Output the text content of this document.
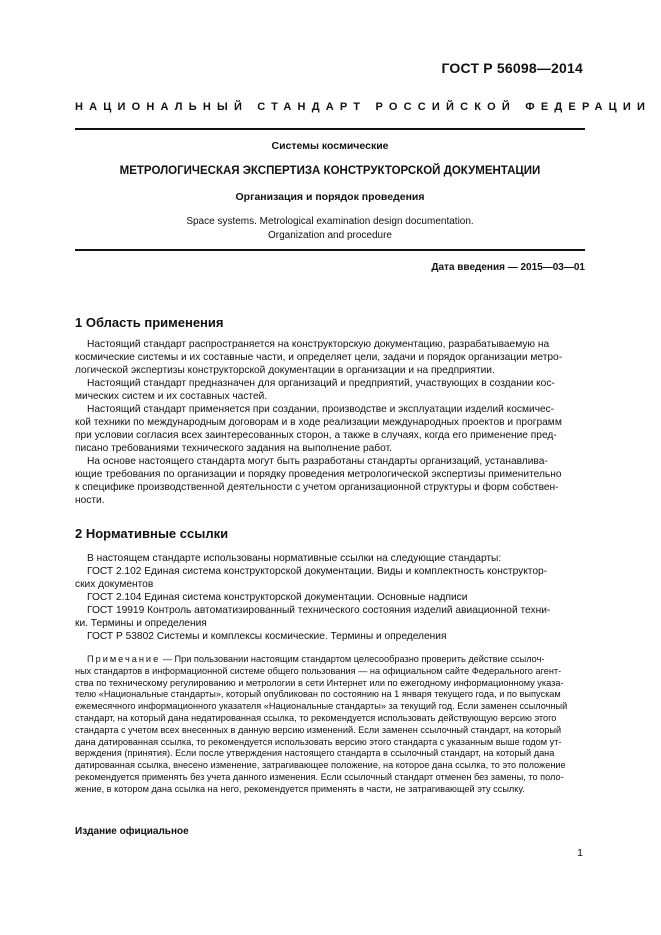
ГОСТ Р 56098—2014
НАЦИОНАЛЬНЫЙ СТАНДАРТ РОССИЙСКОЙ ФЕДЕРАЦИИ
Системы космические
МЕТРОЛОГИЧЕСКАЯ ЭКСПЕРТИЗА КОНСТРУКТОРСКОЙ ДОКУМЕНТАЦИИ
Организация и порядок проведения
Space systems. Metrological examination design documentation.
Organization and procedure
Дата введения — 2015—03—01
1 Область применения
Настоящий стандарт распространяется на конструкторскую документацию, разрабатываемую на
космические системы и их составные части, и определяет цели, задачи и порядок организации метро-
логической экспертизы конструкторской документации в организации и на предприятии.
Настоящий стандарт предназначен для организаций и предприятий, участвующих в создании кос-
мических систем и их составных частей.
Настоящий стандарт применяется при создании, производстве и эксплуатации изделий космичес-
кой техники по международным договорам и в ходе реализации международных проектов и программ
при условии согласия всех заинтересованных сторон, а также в случаях, когда его применение пред-
писано требованиями технического задания на выполнение работ.
На основе настоящего стандарта могут быть разработаны стандарты организаций, устанавлива-
ющие требования по организации и порядку проведения метрологической экспертизы применительно
к специфике производственной деятельности с учетом организационной структуры и форм собствен-
ности.
2 Нормативные ссылки
В настоящем стандарте использованы нормативные ссылки на следующие стандарты:
ГОСТ 2.102 Единая система конструкторской документации. Виды и комплектность конструктор-
ских документов
ГОСТ 2.104 Единая система конструкторской документации. Основные надписи
ГОСТ 19919 Контроль автоматизированный технического состояния изделий авиационной техни-
ки. Термины и определения
ГОСТ Р 53802 Системы и комплексы космические. Термины и определения
Примечание — При пользовании настоящим стандартом целесообразно проверить действие ссылоч-
ных стандартов в информационной системе общего пользования — на официальном сайте Федерального агент-
ства по техническому регулированию и метрологии в сети Интернет или по ежегодному информационному указа-
телю «Национальные стандарты», который опубликован по состоянию на 1 января текущего года, и по выпускам
ежемесячного информационного указателя «Национальные стандарты» за текущий год. Если заменен ссылочный
стандарт, на который дана недатированная ссылка, то рекомендуется использовать действующую версию этого
стандарта с учетом всех внесенных в данную версию изменений. Если заменен ссылочный стандарт, на который
дана датированная ссылка, то рекомендуется использовать версию этого стандарта с указанным выше годом ут-
верждения (принятия). Если после утверждения настоящего стандарта в ссылочный стандарт, на который дана
датированная ссылка, внесено изменение, затрагивающее положение, на которое дана ссылка, то это положение
рекомендуется применять без учета данного изменения. Если ссылочный стандарт отменен без замены, то поло-
жение, в котором дана ссылка на него, рекомендуется применять в части, не затрагивающей эту ссылку.
Издание официальное
1
